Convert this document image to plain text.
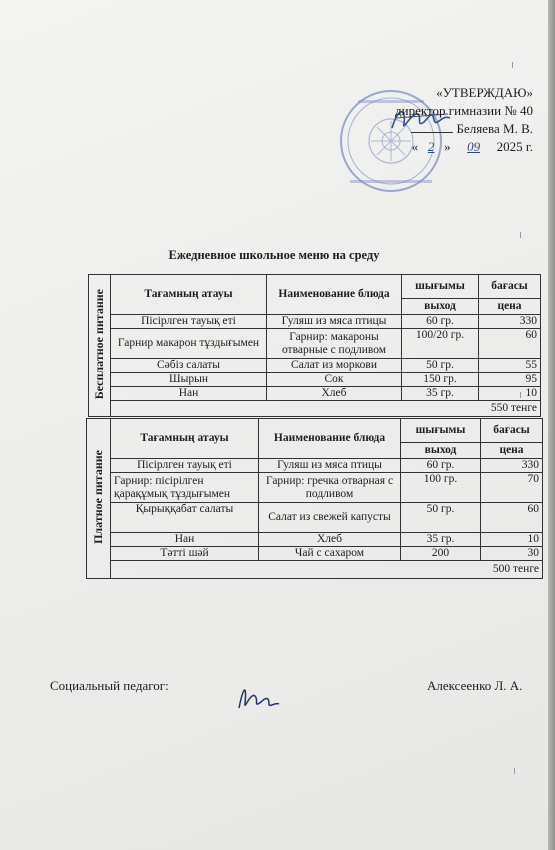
«УТВЕРЖДАЮ»
директор гимназии № 40
Беляева М. В.
« 2 » 09 2025 г.
Ежедневное школьное меню на среду
Бесплатное питание	Тағамның атауы	Наименование блюда	шығымы	бағасы
			выход	цена
	Пісірлген тауық еті	Гуляш из мяса птицы	60 гр.	330
	Гарнир макарон тұздығымен	Гарнир: макароны отварные с подливом	100/20 гр.	60
	Сәбіз салаты	Салат из моркови	50 гр.	55
	Шырын	Сок	150 гр.	95
	Нан	Хлеб	35 гр.	10
	550 тенге			
Платное питание	Тағамның атауы	Наименование блюда	шығымы	бағасы
			выход	цена
	Пісірлген тауық еті	Гуляш из мяса птицы	60 гр.	330
	Гарнир: пісірілген қарақұмық тұздығымен	Гарнир: гречка отварная с подливом	100 гр.	70
	Қырыққабат салаты	Салат из свежей капусты	50 гр.	60
	Нан	Хлеб	35 гр.	10
	Тәтті шәй	Чай с сахаром	200	30
	500 тенге			
Социальный педагог:	Алексеенко Л. А.
